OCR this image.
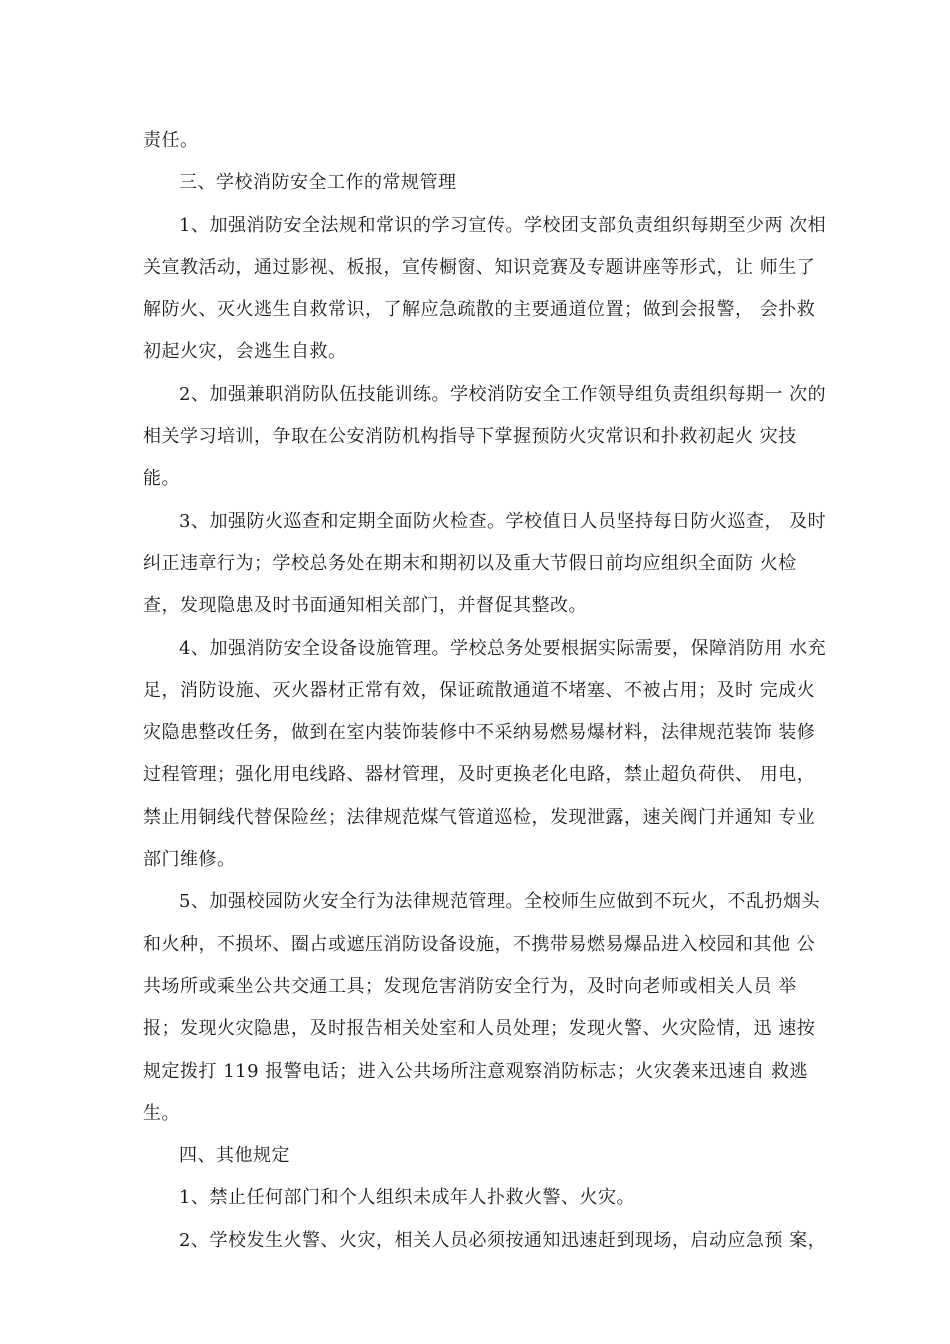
责任。

三、学校消防安全工作的常规管理

1、加强消防安全法规和常识的学习宣传。学校团支部负责组织每期至少两 次相
关宣教活动，通过影视、板报，宣传橱窗、知识竞赛及专题讲座等形式，让 师生了
解防火、灭火逃生自救常识，了解应急疏散的主要通道位置；做到会报警， 会扑救
初起火灾，会逃生自救。

2、加强兼职消防队伍技能训练。学校消防安全工作领导组负责组织每期一 次的
相关学习培训，争取在公安消防机构指导下掌握预防火灾常识和扑救初起火 灾技
能。

3、加强防火巡查和定期全面防火检查。学校值日人员坚持每日防火巡查， 及时
纠正违章行为；学校总务处在期末和期初以及重大节假日前均应组织全面防 火检
查，发现隐患及时书面通知相关部门，并督促其整改。

4、加强消防安全设备设施管理。学校总务处要根据实际需要，保障消防用 水充
足，消防设施、灭火器材正常有效，保证疏散通道不堵塞、不被占用；及时 完成火
灾隐患整改任务，做到在室内装饰装修中不采纳易燃易爆材料，法律规范装饰 装修
过程管理；强化用电线路、器材管理，及时更换老化电路，禁止超负荷供、 用电，
禁止用铜线代替保险丝；法律规范煤气管道巡检，发现泄露，速关阀门并通知 专业
部门维修。

5、加强校园防火安全行为法律规范管理。全校师生应做到不玩火，不乱扔烟头
和火种，不损坏、圈占或遮压消防设备设施，不携带易燃易爆品进入校园和其他 公
共场所或乘坐公共交通工具；发现危害消防安全行为，及时向老师或相关人员 举
报；发现火灾隐患，及时报告相关处室和人员处理；发现火警、火灾险情，迅 速按
规定拨打 119 报警电话；进入公共场所注意观察消防标志；火灾袭来迅速自 救逃
生。

四、其他规定

1、禁止任何部门和个人组织未成年人扑救火警、火灾。

2、学校发生火警、火灾，相关人员必须按通知迅速赶到现场，启动应急预 案，
